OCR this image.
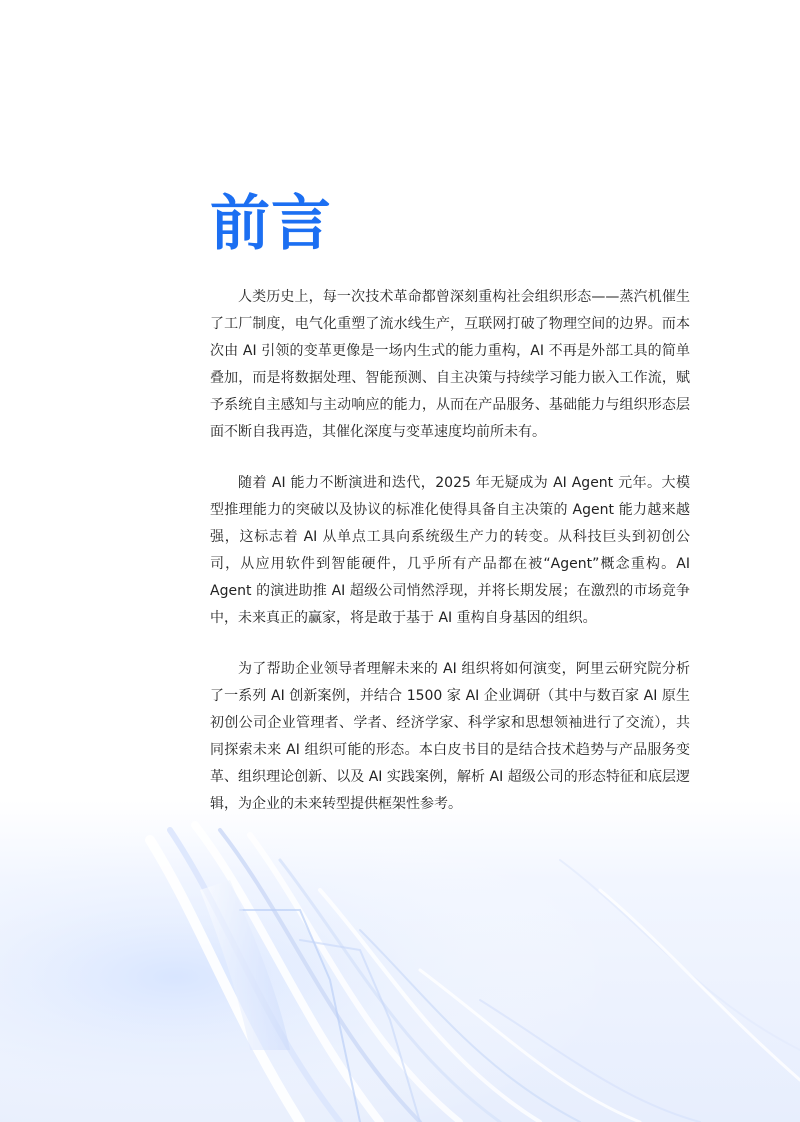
前言

人类历史上，每一次技术革命都曾深刻重构社会组织形态——蒸汽机催生了工厂制度，电气化重塑了流水线生产，互联网打破了物理空间的边界。而本次由 AI 引领的变革更像是一场内生式的能力重构，AI 不再是外部工具的简单叠加，而是将数据处理、智能预测、自主决策与持续学习能力嵌入工作流，赋予系统自主感知与主动响应的能力，从而在产品服务、基础能力与组织形态层面不断自我再造，其催化深度与变革速度均前所未有。

随着 AI 能力不断演进和迭代，2025 年无疑成为 AI Agent 元年。大模型推理能力的突破以及协议的标准化使得具备自主决策的 Agent 能力越来越强，这标志着 AI 从单点工具向系统级生产力的转变。从科技巨头到初创公司，从应用软件到智能硬件，几乎所有产品都在被“Agent”概念重构。AI Agent 的演进助推 AI 超级公司悄然浮现，并将长期发展；在激烈的市场竞争中，未来真正的赢家，将是敢于基于 AI 重构自身基因的组织。

为了帮助企业领导者理解未来的 AI 组织将如何演变，阿里云研究院分析了一系列 AI 创新案例，并结合 1500 家 AI 企业调研（其中与数百家 AI 原生初创公司企业管理者、学者、经济学家、科学家和思想领袖进行了交流），共同探索未来 AI 组织可能的形态。本白皮书目的是结合技术趋势与产品服务变革、组织理论创新、以及 AI 实践案例，解析 AI 超级公司的形态特征和底层逻辑，为企业的未来转型提供框架性参考。
